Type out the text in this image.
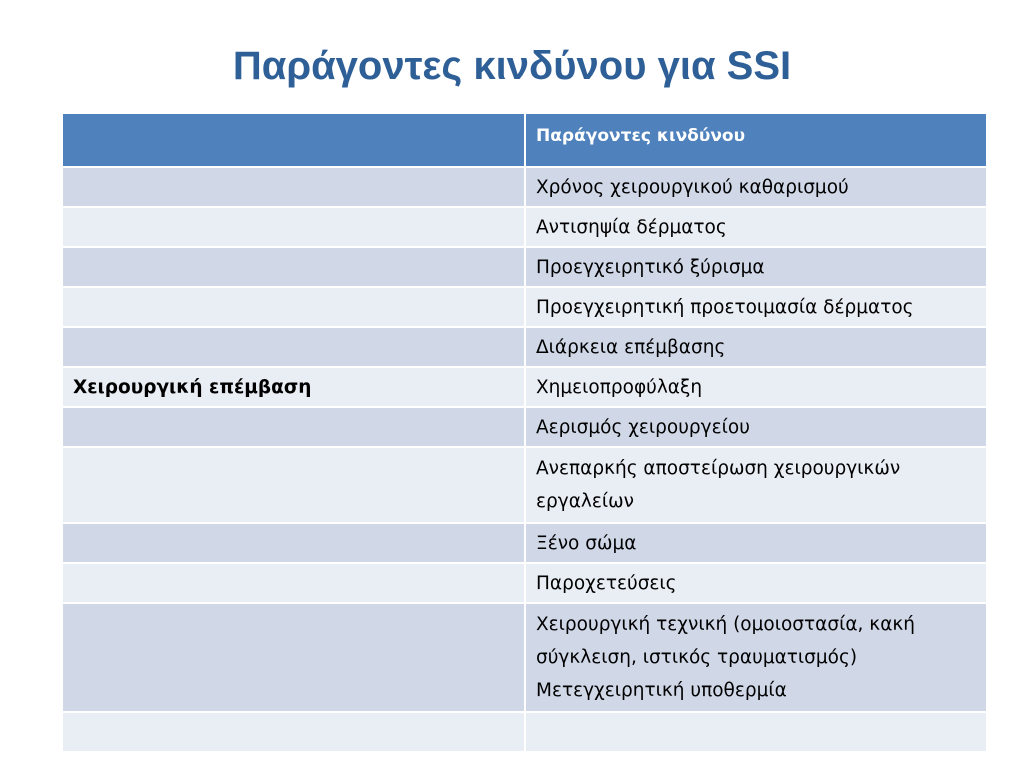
Παράγοντες κινδύνου για SSI
	Παράγοντες κινδύνου
	Χρόνος χειρουργικού καθαρισμού
	Αντισηψία δέρματος
	Προεγχειρητικό ξύρισμα
	Προεγχειρητική προετοιμασία δέρματος
	Διάρκεια επέμβασης
Χειρουργική επέμβαση	Χημειοπροφύλαξη
	Αερισμός χειρουργείου
	Ανεπαρκής αποστείρωση χειρουργικών εργαλείων
	Ξένο σώμα
	Παροχετεύσεις
	Χειρουργική τεχνική (ομοιοστασία, κακή σύγκλειση, ιστικός τραυματισμός) Μετεγχειρητική υποθερμία
